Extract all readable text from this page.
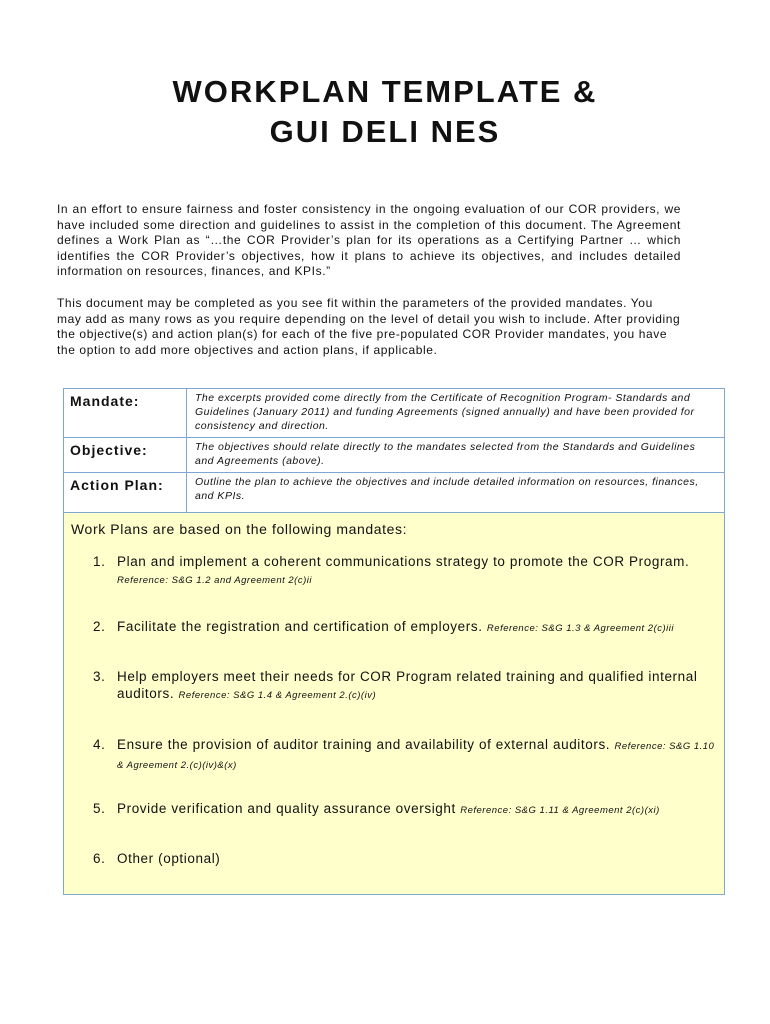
WORKPLAN TEMPLATE &
GUI DELI NES
In an effort to ensure fairness and foster consistency in the ongoing evaluation of our COR providers, we have included some direction and guidelines to assist in the completion of this document. The Agreement defines a Work Plan as “…the COR Provider’s plan for its operations as a Certifying Partner … which identifies the COR Provider’s objectives, how it plans to achieve its objectives, and includes detailed information on resources, finances, and KPIs.”
This document may be completed as you see fit within the parameters of the provided mandates. You may add as many rows as you require depending on the level of detail you wish to include. After providing the objective(s) and action plan(s) for each of the five pre-populated COR Provider mandates, you have the option to add more objectives and action plans, if applicable.
Mandate:	The excerpts provided come directly from the Certificate of Recognition Program- Standards and Guidelines (January 2011) and funding Agreements (signed annually) and have been provided for consistency and direction.
Objective:	The objectives should relate directly to the mandates selected from the Standards and Guidelines and Agreements (above).
Action Plan:	Outline the plan to achieve the objectives and include detailed information on resources, finances, and KPIs.
Work Plans are based on the following mandates:
1. Plan and implement a coherent communications strategy to promote the COR Program.
Reference: S&G 1.2 and Agreement 2(c)ii
2. Facilitate the registration and certification of employers. Reference: S&G 1.3 & Agreement 2(c)iii
3. Help employers meet their needs for COR Program related training and qualified internal auditors. Reference: S&G 1.4 & Agreement 2.(c)(iv)
4. Ensure the provision of auditor training and availability of external auditors. Reference: S&G 1.10 & Agreement 2.(c)(iv)&(x)
5. Provide verification and quality assurance oversight Reference: S&G 1.11 & Agreement 2(c)(xi)
6. Other (optional)
